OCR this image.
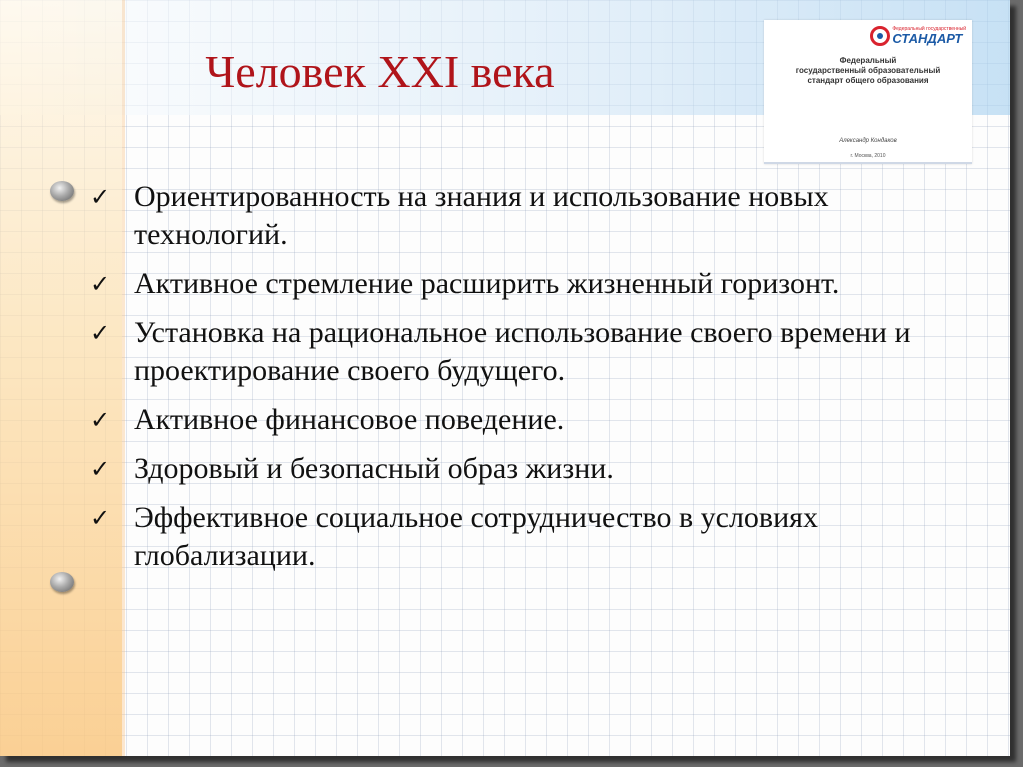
Человек XXI века
Федеральный государственный
СТАНДАРТ
Федеральный
государственный образовательный
стандарт общего образования
Александр Кондаков
г. Москва, 2010
✓ Ориентированность на знания и использование новых технологий.
✓ Активное стремление расширить жизненный горизонт.
✓ Установка на рациональное использование своего времени и проектирование своего будущего.
✓ Активное финансовое поведение.
✓ Здоровый и безопасный образ жизни.
✓ Эффективное социальное сотрудничество в условиях глобализации.
